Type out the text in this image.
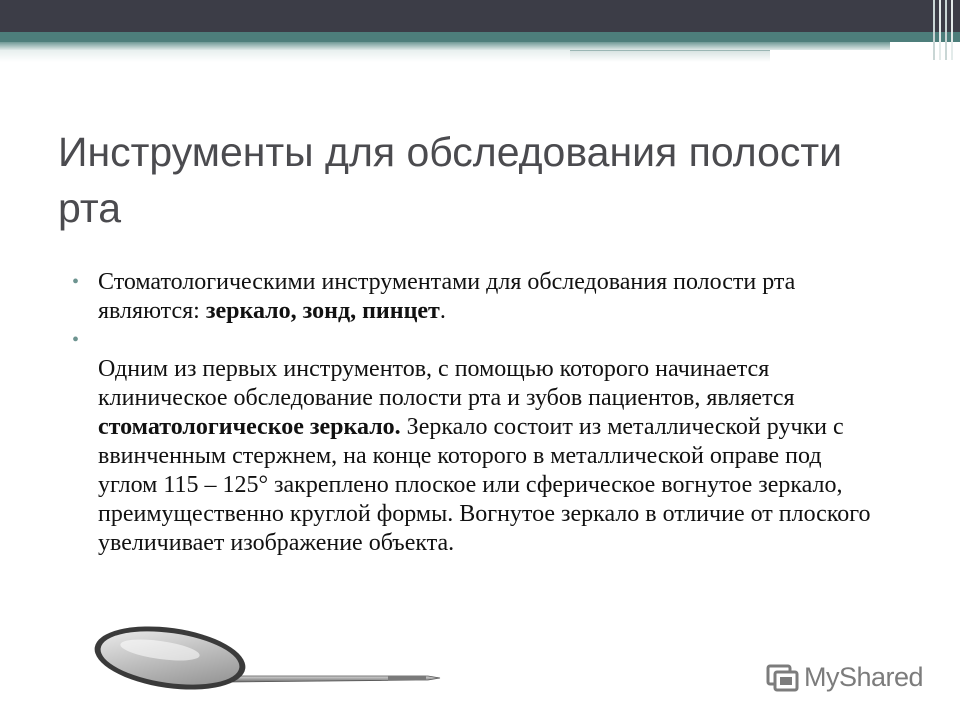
Инструменты для обследования полости рта
• Стоматологическими инструментами для обследования полости рта являются: зеркало, зонд, пинцет.
•
Одним из первых инструментов, с помощью которого начинается клиническое обследование полости рта и зубов пациентов, является стоматологическое зеркало. Зеркало состоит из металлической ручки с ввинченным стержнем, на конце которого в металлической оправе под углом 115 – 125° закреплено плоское или сферическое вогнутое зеркало, преимущественно круглой формы. Вогнутое зеркало в отличие от плоского увеличивает изображение объекта.
MyShared
